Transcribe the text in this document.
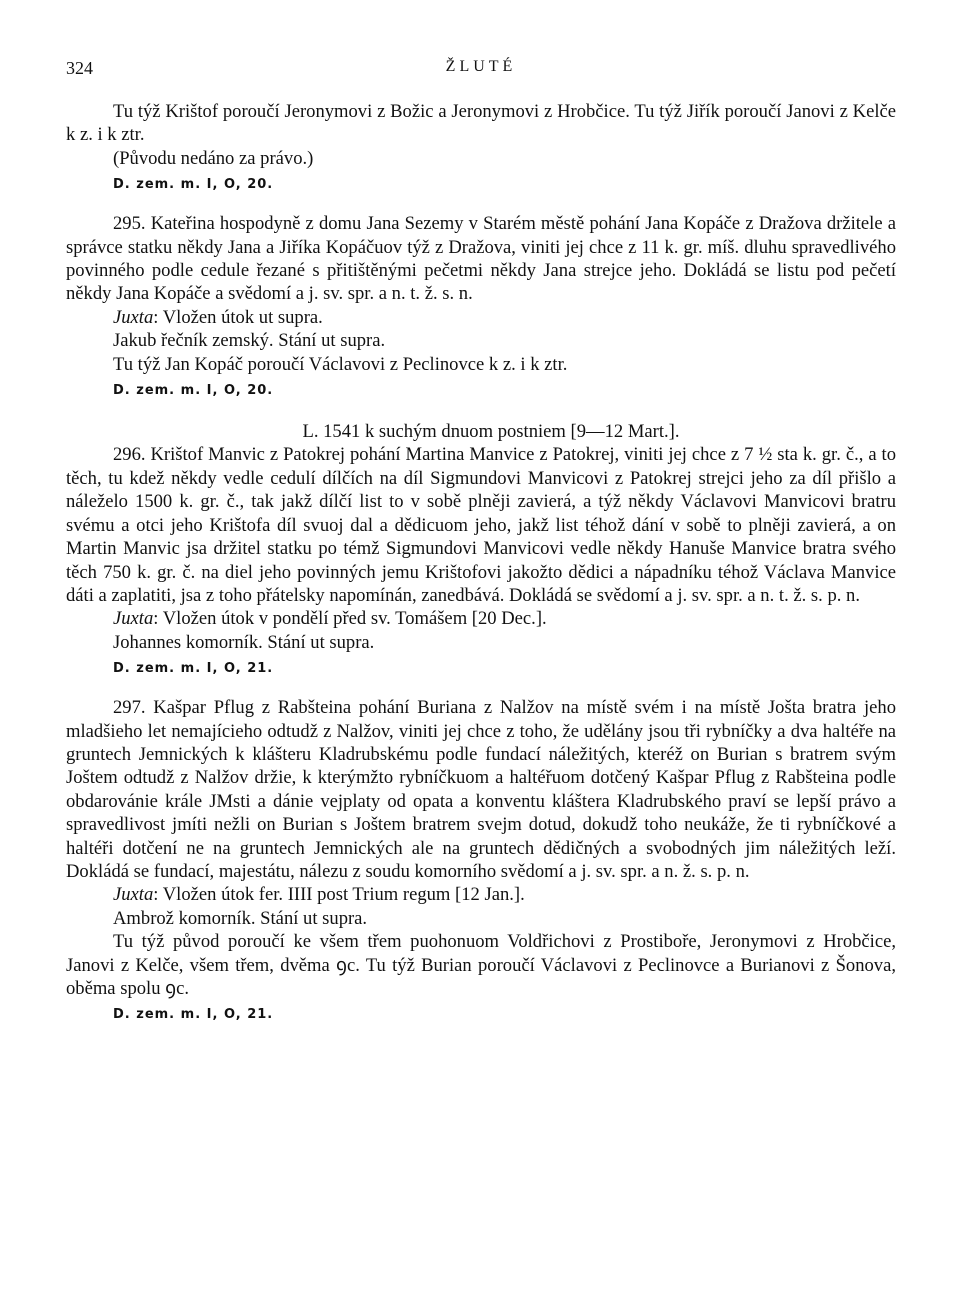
324	ŽLUTÉ

Tu týž Krištof poroučí Jeronymovi z Božic a Jeronymovi z Hrobčice. Tu týž Jiřík poroučí Janovi z Kelče k z. i k ztr.

(Původu nedáno za právo.)

D. zem. m. I, O, 20.

295. Kateřina hospodyně z domu Jana Sezemy v Starém městě pohání Jana Kopáče z Dražova držitele a správce statku někdy Jana a Jiříka Kopáčuov týž z Dražova, viniti jej chce z 11 k. gr. míš. dluhu spravedlivého povinného podle cedule řezané s přitištěnými pečetmi někdy Jana strejce jeho. Dokládá se listu pod pečetí někdy Jana Kopáče a svědomí a j. sv. spr. a n. t. ž. s. n.

Juxta: Vložen útok ut supra.

Jakub řečník zemský. Stání ut supra.

Tu týž Jan Kopáč poroučí Václavovi z Peclinovce k z. i k ztr.

D. zem. m. I, O, 20.

L. 1541 k suchým dnuom postniem [9—12 Mart.].

296. Krištof Manvic z Patokrej pohání Martina Manvice z Patokrej, viniti jej chce z 7 ½ sta k. gr. č., a to těch, tu kdež někdy vedle cedulí dílčích na díl Sigmundovi Manvicovi z Patokrej strejci jeho za díl přišlo a náleželo 1500 k. gr. č., tak jakž dílčí list to v sobě plněji zavierá, a týž někdy Václavovi Manvicovi bratru svému a otci jeho Krištofa díl svuoj dal a dědicuom jeho, jakž list téhož dání v sobě to plněji zavierá, a on Martin Manvic jsa držitel statku po témž Sigmundovi Manvicovi vedle někdy Hanuše Manvice bratra svého těch 750 k. gr. č. na diel jeho povinných jemu Krištofovi jakožto dědici a nápadníku téhož Václava Manvice dáti a zaplatiti, jsa z toho přátelsky napomínán, zanedbává. Dokládá se svědomí a j. sv. spr. a n. t. ž. s. p. n.

Juxta: Vložen útok v pondělí před sv. Tomášem [20 Dec.].

Johannes komorník. Stání ut supra.

D. zem. m. I, O, 21.

297. Kašpar Pflug z Rabšteina pohání Buriana z Nalžov na místě svém i na místě Jošta bratra jeho mladšieho let nemajícieho odtudž z Nalžov, viniti jej chce z toho, že udělány jsou tři rybníčky a dva haltéře na gruntech Jemnických k klášteru Kladrubskému podle fundací náležitých, kteréž on Burian s bratrem svým Joštem odtudž z Nalžov držie, k kterýmžto rybníčkuom a haltéřuom dotčený Kašpar Pflug z Rabšteina podle obdarovánie krále JMsti a dánie vejplaty od opata a konventu kláštera Kladrubského praví se lepší právo a spravedlivost jmíti nežli on Burian s Joštem bratrem svejm dotud, dokudž toho neukáže, že ti rybníčkové a haltéři dotčení ne na gruntech Jemnických ale na gruntech dědičných a svobodných jim náležitých leží. Dokládá se fundací, majestátu, nálezu z soudu komorního svědomí a j. sv. spr. a n. ž. s. p. n.

Juxta: Vložen útok fer. IIII post Trium regum [12 Jan.].

Ambrož komorník. Stání ut supra.

Tu týž původ poroučí ke všem třem puohonuom Voldřichovi z Prostiboře, Jeronymovi z Hrobčice, Janovi z Kelče, všem třem, dvěma ꝯc. Tu týž Burian poroučí Václavovi z Peclinovce a Burianovi z Šonova, oběma spolu ꝯc.

D. zem. m. I, O, 21.
